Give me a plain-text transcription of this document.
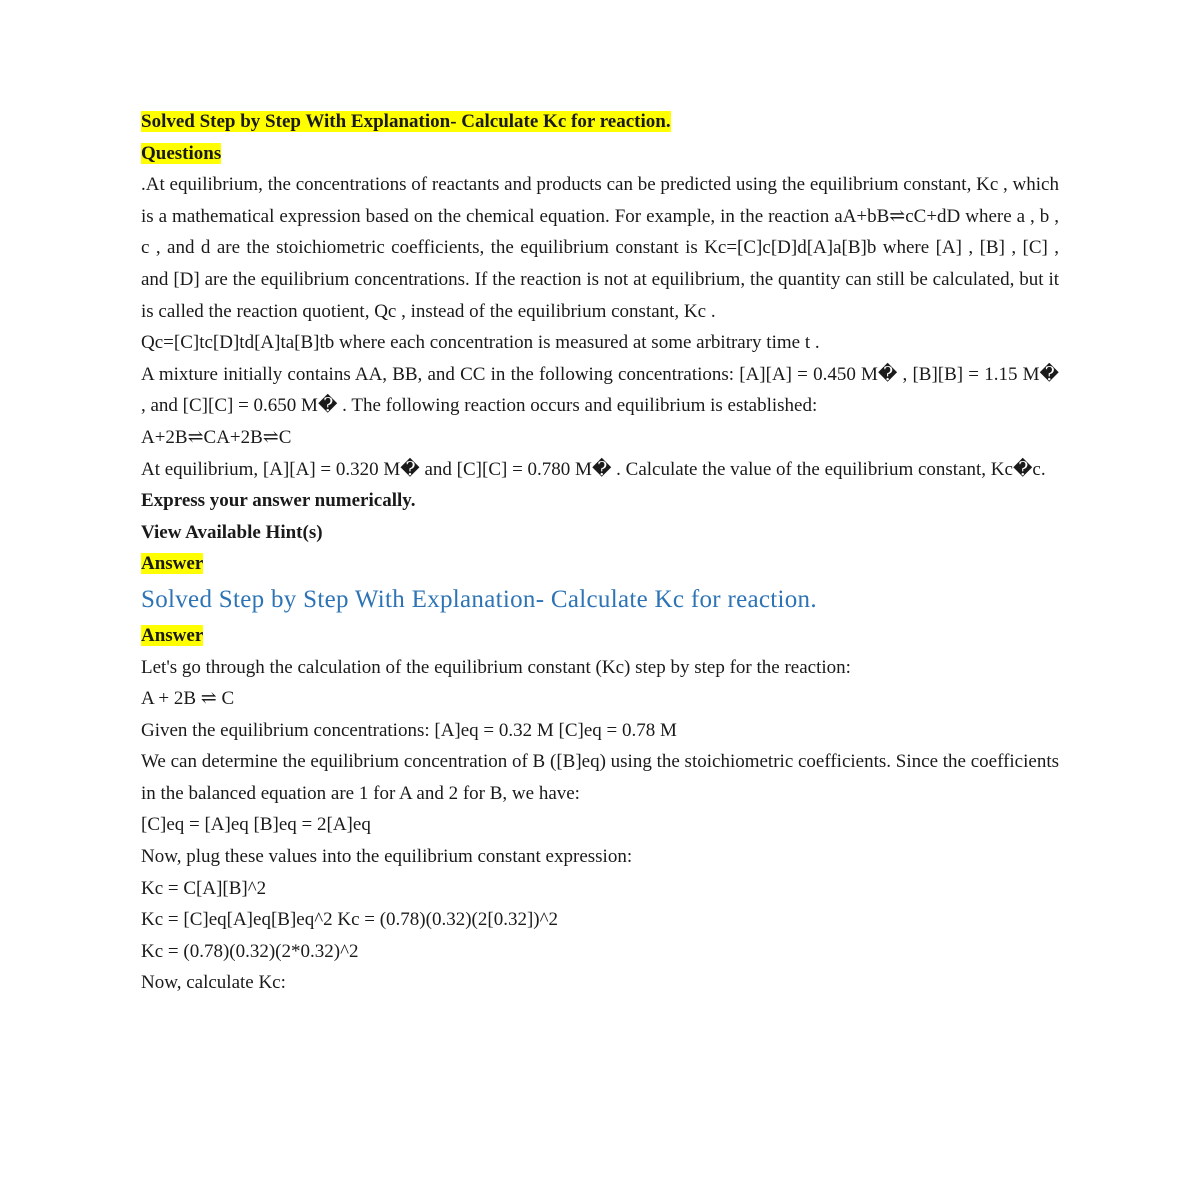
Solved Step by Step With Explanation- Calculate Kc for reaction.

Questions

.At equilibrium, the concentrations of reactants and products can be predicted using the equilibrium constant, Kc , which is a mathematical expression based on the chemical equation. For example, in the reaction aA+bB⇌cC+dD where a , b , c , and d are the stoichiometric coefficients, the equilibrium constant is Kc=[C]c[D]d[A]a[B]b where [A] , [B] , [C] , and [D] are the equilibrium concentrations. If the reaction is not at equilibrium, the quantity can still be calculated, but it is called the reaction quotient, Qc , instead of the equilibrium constant, Kc .

Qc=[C]tc[D]td[A]ta[B]tb where each concentration is measured at some arbitrary time t .

A mixture initially contains AA, BB, and CC in the following concentrations: [A][A] = 0.450 M� , [B][B] = 1.15 M� , and [C][C] = 0.650 M� . The following reaction occurs and equilibrium is established:

A+2B⇌CA+2B⇌C

At equilibrium, [A][A] = 0.320 M� and [C][C] = 0.780 M� . Calculate the value of the equilibrium constant, Kc�c.

Express your answer numerically.

View Available Hint(s)

Answer

Solved Step by Step With Explanation- Calculate Kc for reaction.

Answer

Let's go through the calculation of the equilibrium constant (Kc) step by step for the reaction:

A + 2B ⇌ C

Given the equilibrium concentrations: [A]eq = 0.32 M [C]eq = 0.78 M

We can determine the equilibrium concentration of B ([B]eq) using the stoichiometric coefficients. Since the coefficients in the balanced equation are 1 for A and 2 for B, we have:

[C]eq = [A]eq [B]eq = 2[A]eq

Now, plug these values into the equilibrium constant expression:

Kc = C[A][B]^2

Kc = [C]eq[A]eq[B]eq^2 Kc = (0.78)(0.32)(2[0.32])^2

Kc = (0.78)(0.32)(2*0.32)^2

Now, calculate Kc:
